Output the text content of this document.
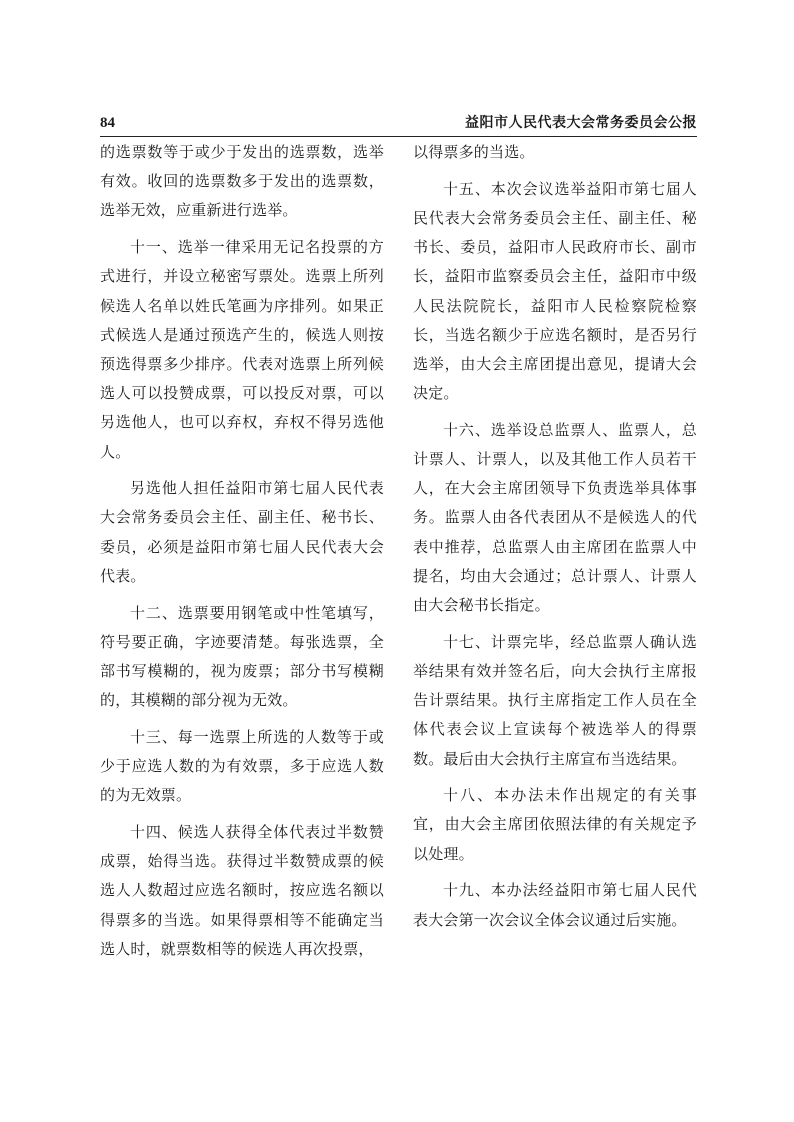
84	益阳市人民代表大会常务委员会公报

的选票数等于或少于发出的选票数，选举有效。收回的选票数多于发出的选票数，选举无效，应重新进行选举。

十一、选举一律采用无记名投票的方式进行，并设立秘密写票处。选票上所列候选人名单以姓氏笔画为序排列。如果正式候选人是通过预选产生的，候选人则按预选得票多少排序。代表对选票上所列候选人可以投赞成票，可以投反对票，可以另选他人，也可以弃权，弃权不得另选他人。

另选他人担任益阳市第七届人民代表大会常务委员会主任、副主任、秘书长、委员，必须是益阳市第七届人民代表大会代表。

十二、选票要用钢笔或中性笔填写，符号要正确，字迹要清楚。每张选票，全部书写模糊的，视为废票；部分书写模糊的，其模糊的部分视为无效。

十三、每一选票上所选的人数等于或少于应选人数的为有效票，多于应选人数的为无效票。

十四、候选人获得全体代表过半数赞成票，始得当选。获得过半数赞成票的候选人人数超过应选名额时，按应选名额以得票多的当选。如果得票相等不能确定当选人时，就票数相等的候选人再次投票，

以得票多的当选。

十五、本次会议选举益阳市第七届人民代表大会常务委员会主任、副主任、秘书长、委员，益阳市人民政府市长、副市长，益阳市监察委员会主任，益阳市中级人民法院院长，益阳市人民检察院检察长，当选名额少于应选名额时，是否另行选举，由大会主席团提出意见，提请大会决定。

十六、选举设总监票人、监票人，总计票人、计票人，以及其他工作人员若干人，在大会主席团领导下负责选举具体事务。监票人由各代表团从不是候选人的代表中推荐，总监票人由主席团在监票人中提名，均由大会通过；总计票人、计票人由大会秘书长指定。

十七、计票完毕，经总监票人确认选举结果有效并签名后，向大会执行主席报告计票结果。执行主席指定工作人员在全体代表会议上宣读每个被选举人的得票数。最后由大会执行主席宣布当选结果。

十八、本办法未作出规定的有关事宜，由大会主席团依照法律的有关规定予以处理。

十九、本办法经益阳市第七届人民代表大会第一次会议全体会议通过后实施。
